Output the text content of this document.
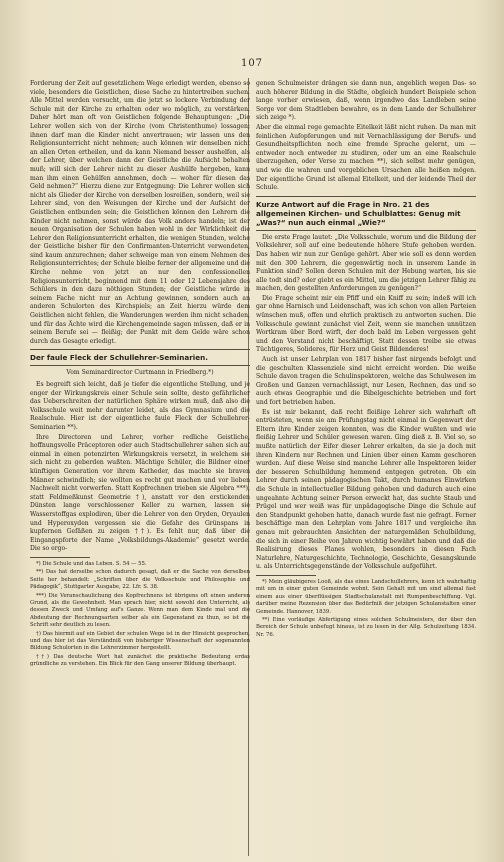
107

Forderung der Zeit auf gesetzlichem Wege erledigt werden, ebenso so viele, besonders die Geistlichen, diese Sache zu hintertreiben suchen. Alle Mittel werden versucht, um die jetzt so lockere Verbindung der Schule mit der Kirche zu erhalten oder wo möglich, zu verstärken. Daher hört man oft von Geistlichen folgende Behauptungen: „Die Lehrer wollen sich von der Kirche (vom Christenthume) lossagen; ihnen darf man die Kinder nicht anvertrauen; wir lassen uns den Religionsunterricht nicht nehmen; auch können wir denselben nicht an allen Orten ertheilen, und da kann Niemand besser aushelfen, als der Lehrer, über welchen dann der Geistliche die Aufsicht behalten muß; will sich der Lehrer nicht zu dieser Aushülfe hergeben, kann man ihm einen Gehülfen annehmen, doch — woher für diesen das Geld nehmen?“ Hierzu diene zur Entgegnung: Die Lehrer wollen sich nicht als Glieder der Kirche von derselben losreißen, sondern, weil sie Lehrer sind, von den Weisungen der Kirche und der Aufsicht der Geistlichen entbunden sein; die Geistlichen können den Lehrern die Kinder nicht nehmen, sonst würde das Volk anders handeln; ist der neuen Organisation der Schulen haben wohl in der Wirklichkeit die Lehrer den Religionsunterricht erhalten, die wenigen Stunden, welche der Geistliche bisher für den Confirmanten-Unterricht verwendeten, sind kaum anzurechnen; daher schweige man von einem Nehmen des Religionsunterrichtes; der Schule bleibe ferner der allgemeine und die Kirche nehme von jetzt an nur den confessionellen Religionsunterricht, beginnend mit dem 11 oder 12 Lebensjahre des Schülers in den dazu nöthigen Stunden; der Geistliche würde in seinem Fache nicht nur an Achtung gewinnen, sondern auch an anderen Schulorten des Kirchspiels; an Zeit hierzu würde dem Geistlichen nicht fehlen, die Wanderungen werden ihm nicht schaden, und für das Ächte wird die Kirchengemeinde sagen müssen, daß er in seinem Berufe sei — fleißig; der Punkt mit dem Gelde wäre schon durch das Gesagte erledigt.

Der faule Fleck der Schullehrer-Seminarien.
Vom Seminardirector Curtmann in Friedberg.*)

Es begreift sich leicht, daß je tiefer die eigentliche Stellung, und je enger der Wirkungskreis einer Schule sein sollte, desto gefährlicher das Ueberschreiten der natürlichen Sphäre wirken muß, daß also die Volksschule weit mehr darunter leidet, als das Gymnasium und die Realschule. Hier ist der eigentliche faule Fleck der Schullehrer-Seminarien **).

Ihre Directoren und Lehrer, vorher redliche Geistliche, hoffnungsvolle Präceptoren oder auch Stadtschullehrer sahen sich auf einmal in einen potenzirten Wirkungskreis versetzt, in welchem sie sich nicht zu geberden wußten. Mächtige Schüler, die Bildner einer künftigen Generation vor ihrem Katheder, das machte sie braven Männer schwindlich; sie wollten es recht gut machen und vor lieben Nachwelt nicht vorwerfen. Statt Kopfrechnen trieben sie Algebra ***), statt Feldmeßkunst Geometrie †), anstatt vor den erstickenden Dünsten lange verschlossener Keller zu warnen, lassen sie Wasserstoffgas explodiren, über die Lehrer von den Oryden, Oryaulen und Hyperoxyden vergessen sie die Gefahr des Grünspans in kupfernen Gefäßen zu zeigen ††). Es fehlt nur, daß über die Eingangspforte der Name „Volksbildungs-Akademie“ gesetzt werde. Die so ergo-

*) Die Schule und das Leben. S. 54 — 55.

**) Das hat derselbe schon dadurch gesagt, daß er die Sache von derselben Seite her behandelt: „Schriften über die Volksschule und Philosophie und Pädagogik“, Stuttgarter Ausgabe, 22. Lfr. S. 38.

***) Die Veranschaulichung des Kopfrechnens ist übrigens oft einen anderen Grund, als die Gewohnheit. Man sprach hier, nicht sowohl den Unterricht, als dessen Zweck und Umfang auf's Ganze. Wenn man dem Kinde mal und die Abdeutung der Rechnungsarten selber als ein Gegenstand zu thun, so ist die Schrift sehr deutlich zu lesen.

†) Das hiermit auf ein Gebiet der schulen Wege ist in der Hinsicht gesprochen, und das hier ist das Verständniß von bisheriger Wissenschaft der sogenannten Bildung Schulorten in die Lehrerzimmer hergestellt.

††) Das deutsche Wort hat zunächst die praktische Bedeutung erdas gründliche zu verstehen. Ein Blick für den Gang unserer Bildung überhaupt.

genen Schulmeister drängen sie dann nun, angeblich wegen Das- so auch höherer Bildung in die Städte, obgleich hundert Beispiele schon lange vorher erwiesen, daß, wenn irgendwo das Landleben seine Sorge vor dem Stadtleben bewahre, es in dem Lande der Schullehrer sich zeige *).

Aber die einmal rege gemachte Eitelkeit läßt nicht ruhen. Da man mit feinlichen Aufopferungen und mit Vernachlässigung der Berufs- und Gesundheitspflichten noch eine fremde Sprache gelernt, um — entweder noch entweder zu studiren, oder um an eine Realschule überzugehen, oder Verse zu machen **), sich selbst mehr genügen, und wie die wahren und vorgeblichen Ursachen alle heißen mögen. Der eigentliche Grund ist allemal Eitelkeit, und der leidende Theil der Schule.

Kurze Antwort auf die Frage in Nro. 21 des allgemeinen Kirchen- und Schulblattes: Genug mit „Was?“ nun auch einmal „Wie?“

Die erste Frage lautet: „Die Volksschule, worum und die Bildung der Volkslehrer, soll auf eine bedeutende höhere Stufe gehoben werden. Das haben wir nun zur Genüge gehört. Aber wie soll es denn werden mit den 300 Lehrern, die gegenwärtig noch in unserem Lande in Funktion sind? Sollen deren Schulen mit der Hebung warten, bis sie alle todt sind? oder giebt es ein Mittel, um die jetzigen Lehrer fähig zu machen, den gestellten Anforderungen zu genügen?“

Die Frage scheint mir ein Pfiff und ein Kniff zu sein; indeß will ich gar ohne Harnisch und Leidenschaft, was ich schon von allen Parteien wünschen muß, offen und ehrlich praktisch zu antworten suchen. Die Volksschule gewinnt zunächst viel Zeit, wenn sie manchen unnützen Wortkram über Bord wirft, der doch bald im Leben vergessen geht und den Verstand nicht beschäftigt. Statt dessen treibe sie etwas Tüchtigeres, Solideres, für Herz und Geist Bildenderes!

Auch ist unser Lehrplan von 1817 bisher fast nirgends befolgt und die geschulten Klassenziele sind nicht erreicht worden. Die weiße Schule davon tragen die Schulinspektoren, welche das Schulwesen im Großen und Ganzen vernachlässigt, nur Lesen, Rechnen, das und so auch etwas Geographie und die Bibelgeschichte betrieben und fort und fort betrieben haben.

Es ist mir bekannt, daß recht fleißige Lehrer sich wahrhaft oft entrüsteten, wenn sie am Prüfungstag nicht einmal in Gegenwart der Eltern ihre Kinder zeigen konnten, was die Kinder wußten und wie fleißig Lehrer und Schüler gewesen waren. Ging dieß z. B. Viel so, so mußte natürlich der Eifer dieser Lehrer erkalten, da sie ja doch mit ihren Kindern nur Rechnen und Linien über einen Kamm geschoren wurden. Auf diese Weise sind manche Lehrer alle Inspektoren leider der besseren Schulbildung hemmend entgegen getreten. Ob ein Lehrer durch seinen pädagogischen Takt, durch humanes Einwirken die Schule in intellectueller Bildung gehoben und dadurch auch eine ungeahnte Achtung seiner Person erweckt hat, das suchte Staub und Prügel und wer weiß was für unpädagogische Dinge die Schule auf den Standpunkt gehoben hatte, danach wurde fast nie gefragt. Ferner beschäftige man den Lehrplan vom Jahre 1817 und vergleiche ihn genau mit gebrauchten Ansichten der naturgemäßen Schulbildung, die sich in einer Reihe von Jahren wichtig bewährt haben und daß die Realisirung dieses Planes wohlen, besonders in diesen Fach Naturlehre, Naturgeschichte, Technologie, Geschichte, Gesangskunde u. als Unterrichtsgegenstände der Volksschule aufgeführt.

*) Mein gläubigeres Looß, als das eines Landschullehrers, kenn ich wahrhaftig mit um in einer guten Gemeinde wohnt. Sein Gehalt mit um sind allemal fast einem aus einer überflüssigen Stadtschulanstalt mit Rumpenbeschiffung. Vgl. darüber meine Rezension über das Bedürfniß der jetzigen Schulanstalten einer Gemeinde. Hannover, 1839.

**) Eine vorläufige Abfertigung eines solchen Schulmeisters, der über den Bereich der Schule unbefugt hinaus, ist zu lesen in der Allg. Schulzeitung 1834. Nr. 76.
